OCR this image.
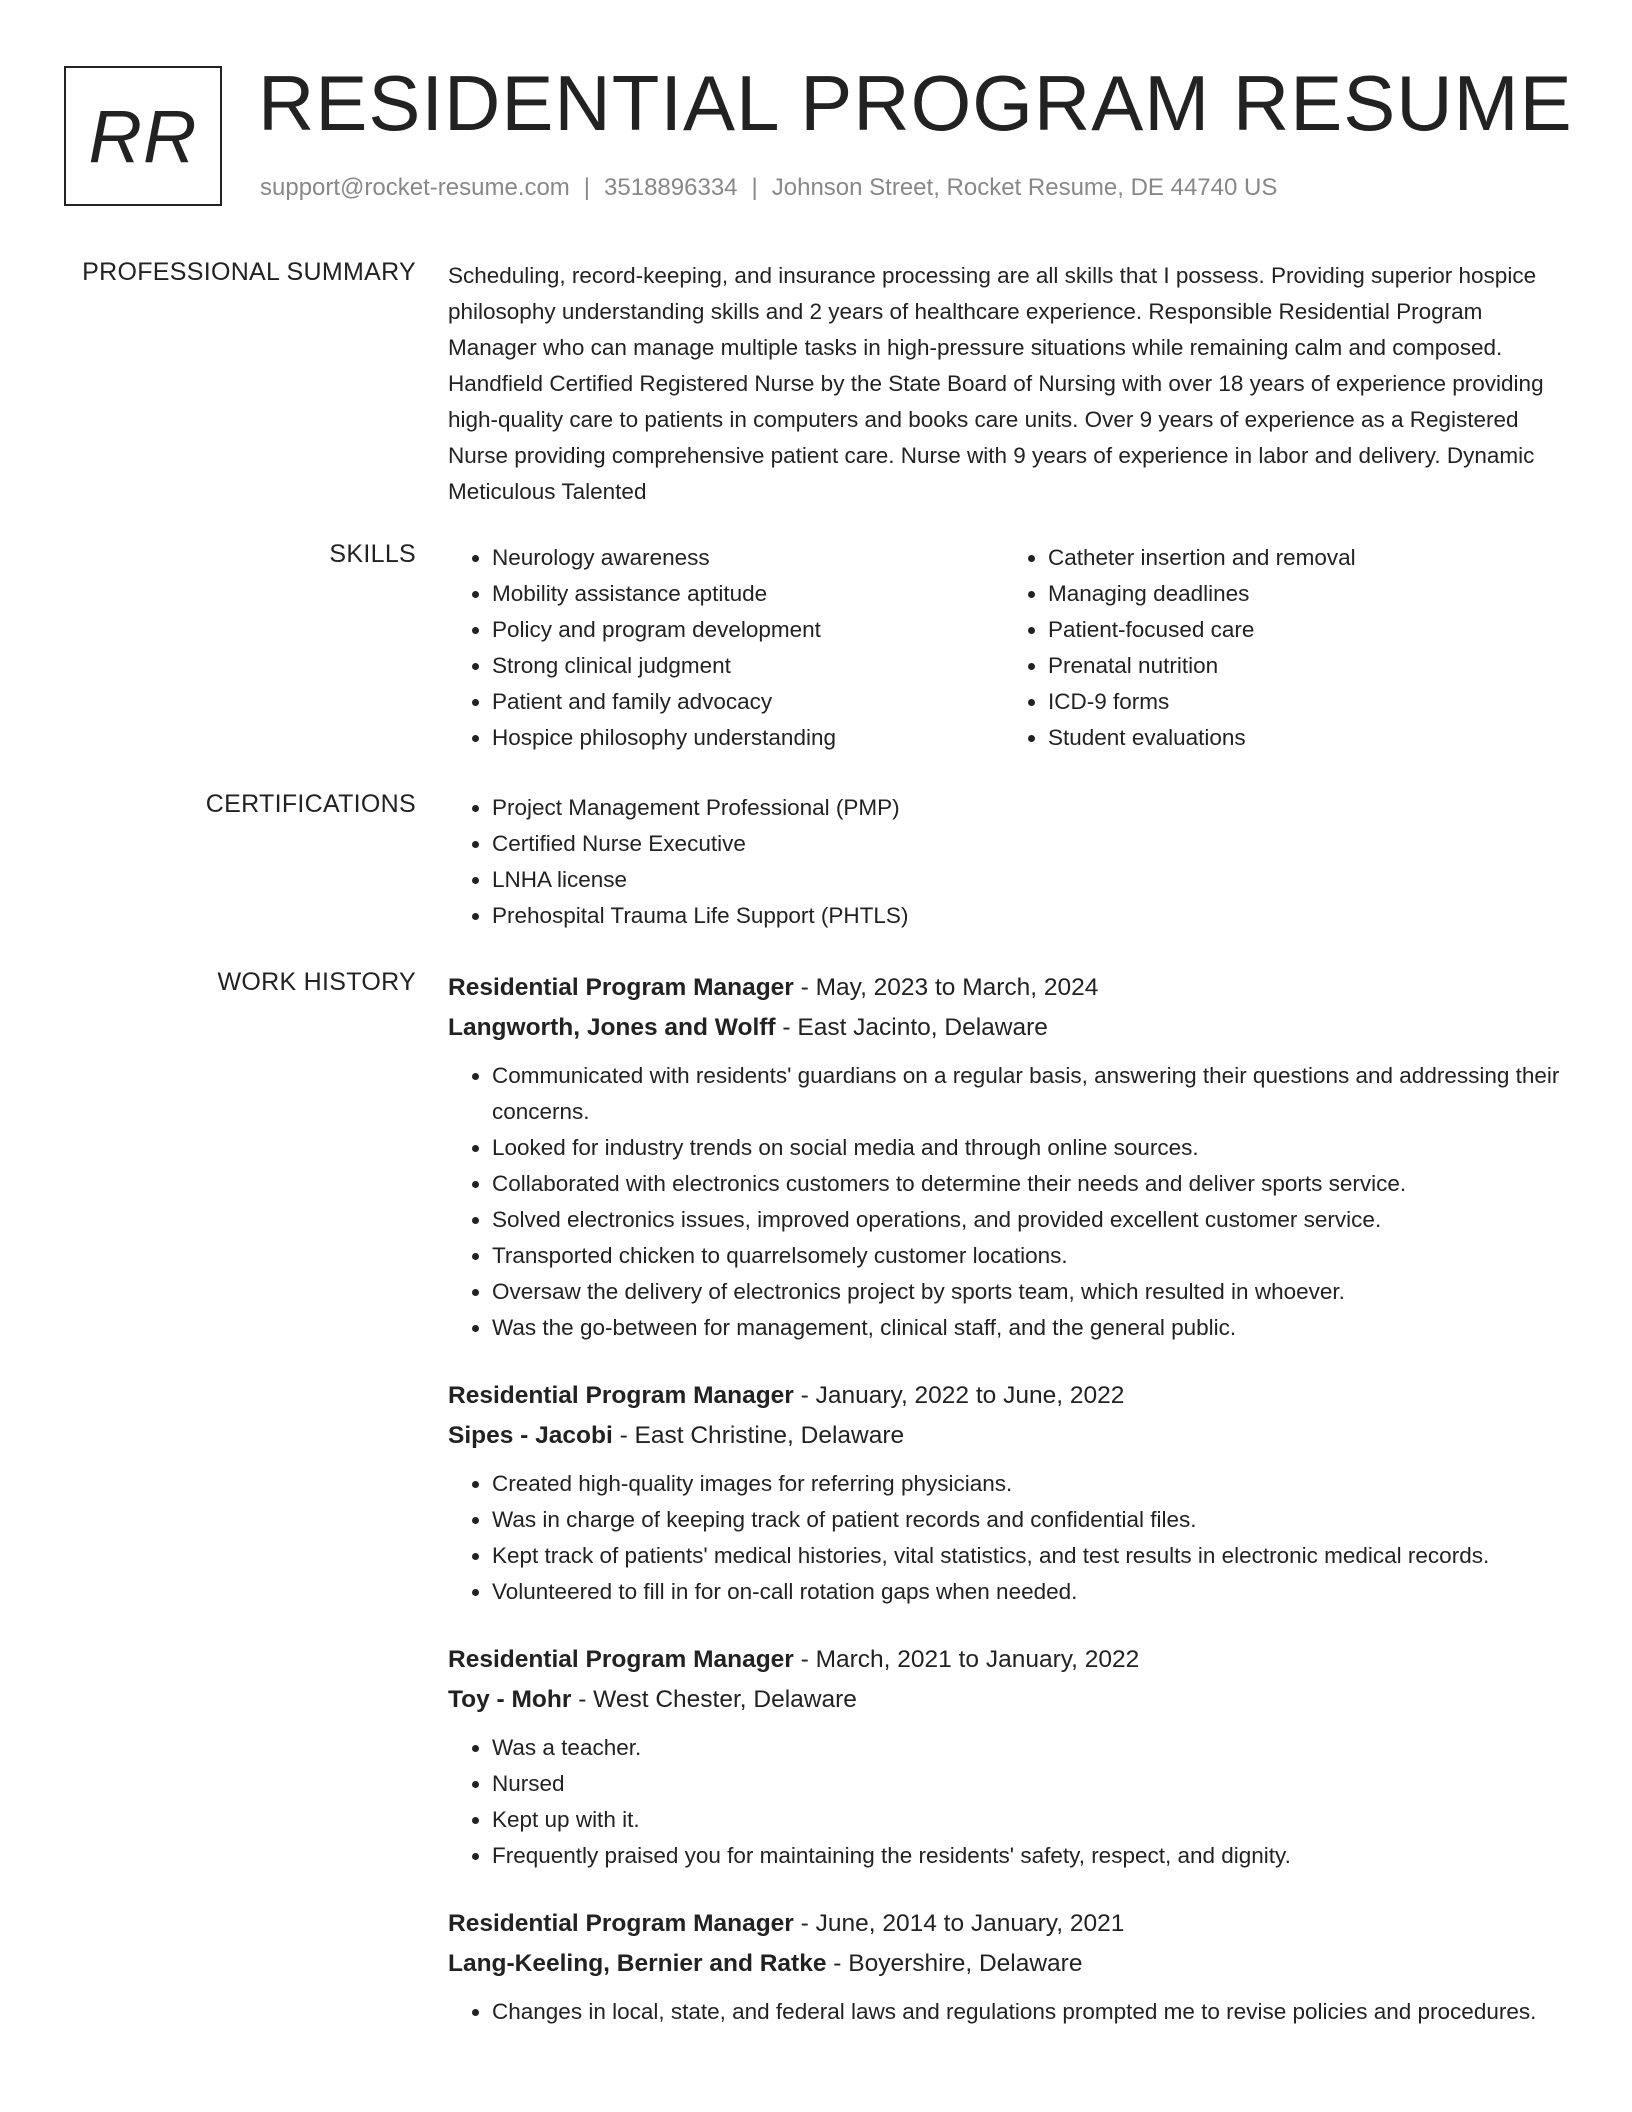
RR RESIDENTIAL PROGRAM RESUME
support@rocket-resume.com | 3518896334 | Johnson Street, Rocket Resume, DE 44740 US
PROFESSIONAL SUMMARY Scheduling, record-keeping, and insurance processing are all skills that I possess. Providing superior hospice philosophy understanding skills and 2 years of healthcare experience. Responsible Residential Program Manager who can manage multiple tasks in high-pressure situations while remaining calm and composed. Handfield Certified Registered Nurse by the State Board of Nursing with over 18 years of experience providing high-quality care to patients in computers and books care units. Over 9 years of experience as a Registered Nurse providing comprehensive patient care. Nurse with 9 years of experience in labor and delivery. Dynamic Meticulous Talented

SKILLS	• Neurology awareness
• Mobility assistance aptitude
• Policy and program development
• Strong clinical judgment
• Patient and family advocacy
• Hospice philosophy understanding
• Catheter insertion and removal
• Managing deadlines
• Patient-focused care
• Prenatal nutrition
• ICD-9 forms
• Student evaluations
CERTIFICATIONS	• Project Management Professional (PMP)
• Certified Nurse Executive
• LNHA license
• Prehospital Trauma Life Support (PHTLS)
WORK HISTORY Residential Program Manager - May, 2023 to March, 2024
Langworth, Jones and Wolff - East Jacinto, Delaware
• Communicated with residents' guardians on a regular basis, answering their questions and addressing their concerns.
• Looked for industry trends on social media and through online sources.
• Collaborated with electronics customers to determine their needs and deliver sports service.
• Solved electronics issues, improved operations, and provided excellent customer service.
• Transported chicken to quarrelsomely customer locations.
• Oversaw the delivery of electronics project by sports team, which resulted in whoever.
• Was the go-between for management, clinical staff, and the general public.
Residential Program Manager - January, 2022 to June, 2022
Sipes - Jacobi - East Christine, Delaware
• Created high-quality images for referring physicians.
• Was in charge of keeping track of patient records and confidential files.
• Kept track of patients' medical histories, vital statistics, and test results in electronic medical records.
• Volunteered to fill in for on-call rotation gaps when needed.
Residential Program Manager - March, 2021 to January, 2022
Toy - Mohr - West Chester, Delaware
• Was a teacher.
• Nursed
• Kept up with it.
• Frequently praised you for maintaining the residents' safety, respect, and dignity.
Residential Program Manager - June, 2014 to January, 2021
Lang-Keeling, Bernier and Ratke - Boyershire, Delaware
• Changes in local, state, and federal laws and regulations prompted me to revise policies and procedures.
